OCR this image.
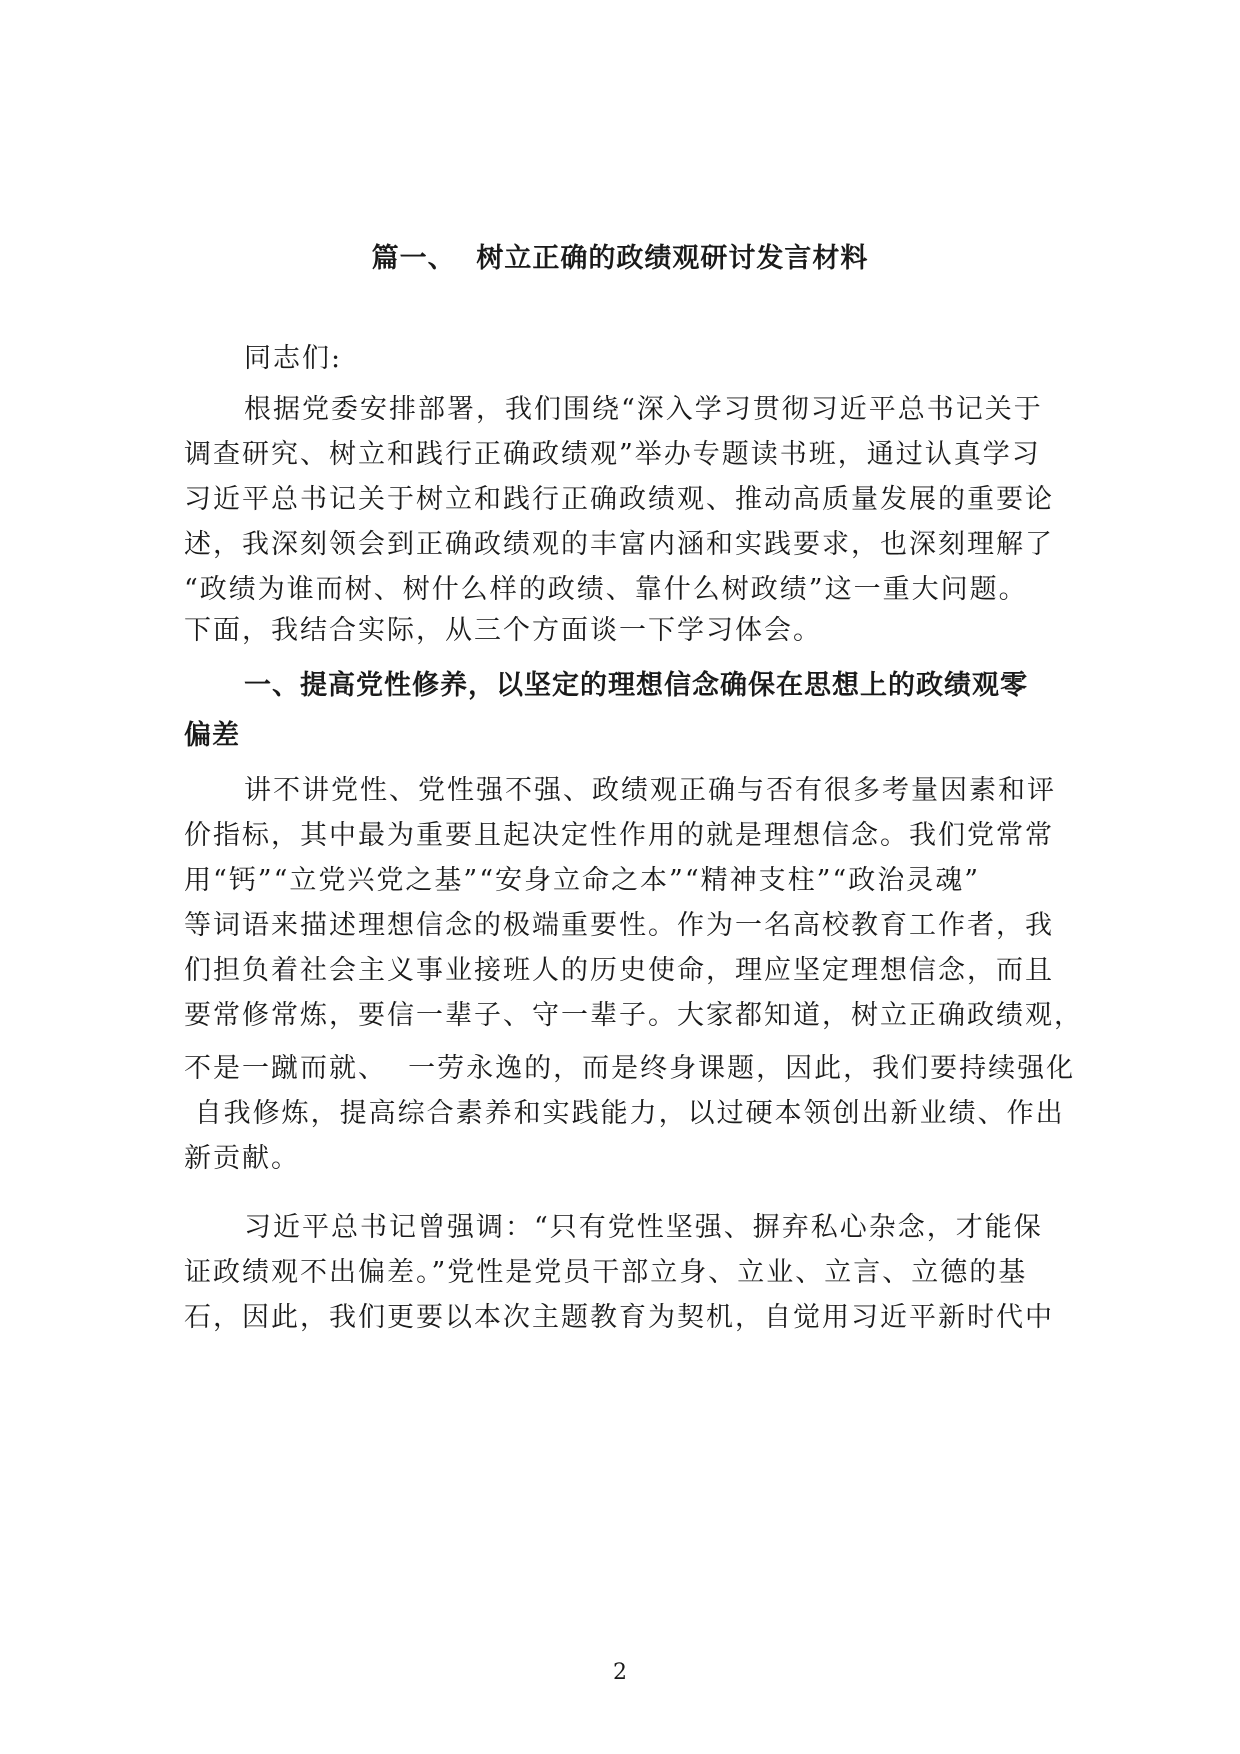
篇一、  树立正确的政绩观研讨发言材料
同志们:
根据党委安排部署，我们围绕“深入学习贯彻习近平总书记关于
调查研究、树立和践行正确政绩观”举办专题读书班，通过认真学习
习近平总书记关于树立和践行正确政绩观、推动高质量发展的重要论
述，我深刻领会到正确政绩观的丰富内涵和实践要求，也深刻理解了
“政绩为谁而树、树什么样的政绩、靠什么树政绩”这一重大问题。
下面，我结合实际，从三个方面谈一下学习体会。
一、提高党性修养，以坚定的理想信念确保在思想上的政绩观零
偏差
讲不讲党性、党性强不强、政绩观正确与否有很多考量因素和评
价指标，其中最为重要且起决定性作用的就是理想信念。我们党常常
用“钙”“立党兴党之基”“安身立命之本”“精神支柱”“政治灵魂”
等词语来描述理想信念的极端重要性。作为一名高校教育工作者，我
们担负着社会主义事业接班人的历史使命，理应坚定理想信念，而且
要常修常炼，要信一辈子、守一辈子。大家都知道，树立正确政绩观，
不是一蹴而就、  一劳永逸的，而是终身课题，因此，我们要持续强化
自我修炼，提高综合素养和实践能力，以过硬本领创出新业绩、作出
新贡献。
习近平总书记曾强调：“只有党性坚强、摒弃私心杂念，才能保
证政绩观不出偏差。”党性是党员干部立身、立业、立言、立德的基
石，因此，我们更要以本次主题教育为契机，自觉用习近平新时代中
2
